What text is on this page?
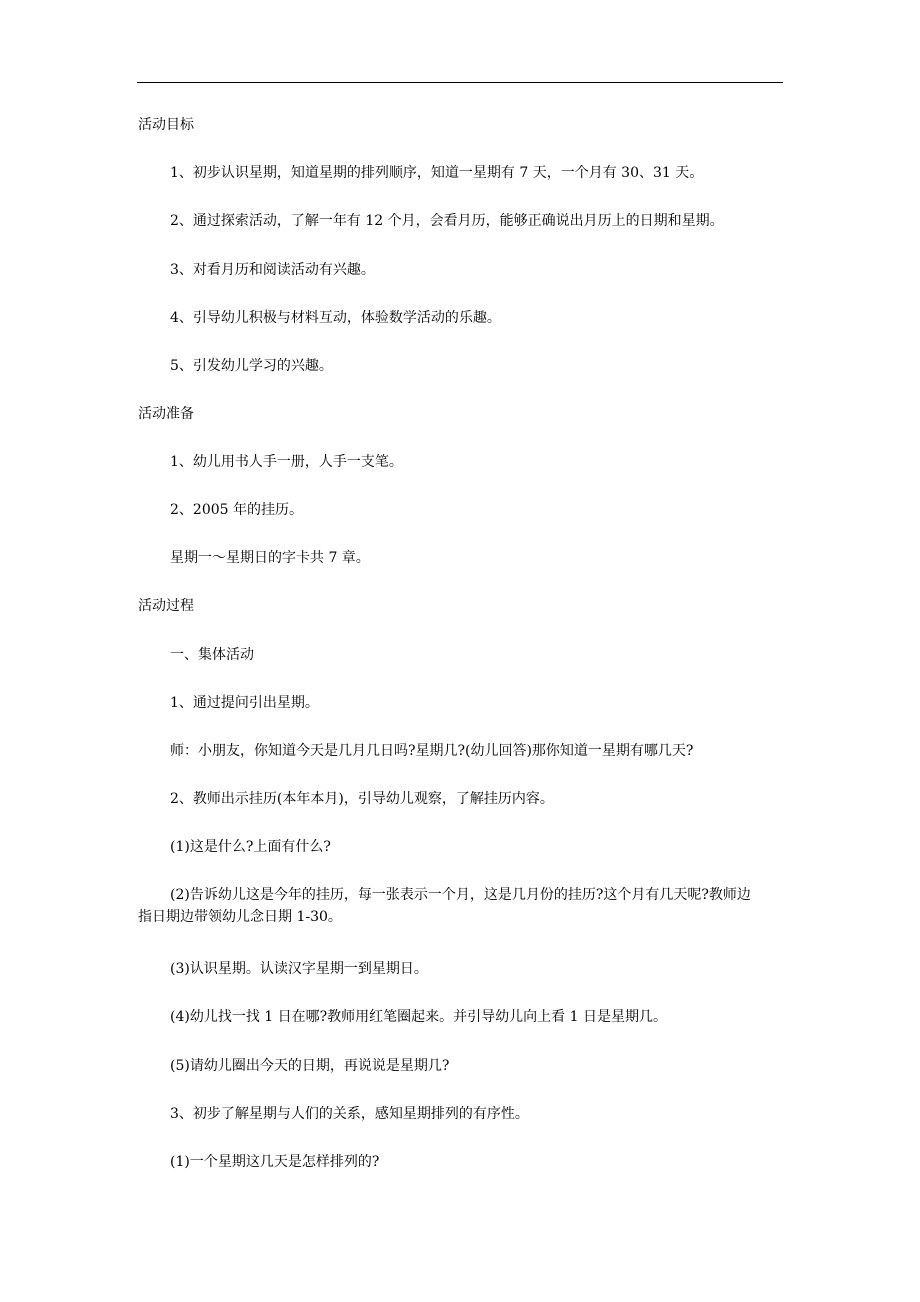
活动目标
1、初步认识星期，知道星期的排列顺序，知道一星期有 7 天，一个月有 30、31 天。
2、通过探索活动，了解一年有 12 个月，会看月历，能够正确说出月历上的日期和星期。
3、对看月历和阅读活动有兴趣。
4、引导幼儿积极与材料互动，体验数学活动的乐趣。
5、引发幼儿学习的兴趣。
活动准备
1、幼儿用书人手一册，人手一支笔。
2、2005 年的挂历。
星期一～星期日的字卡共 7 章。
活动过程
一、集体活动
1、通过提问引出星期。
师：小朋友，你知道今天是几月几日吗?星期几?(幼儿回答)那你知道一星期有哪几天?
2、教师出示挂历(本年本月)，引导幼儿观察，了解挂历内容。
(1)这是什么?上面有什么?
(2)告诉幼儿这是今年的挂历，每一张表示一个月，这是几月份的挂历?这个月有几天呢?教师边指日期边带领幼儿念日期 1-30。
(3)认识星期。认读汉字星期一到星期日。
(4)幼儿找一找 1 日在哪?教师用红笔圈起来。并引导幼儿向上看 1 日是星期几。
(5)请幼儿圈出今天的日期，再说说是星期几?
3、初步了解星期与人们的关系，感知星期排列的有序性。
(1)一个星期这几天是怎样排列的?
